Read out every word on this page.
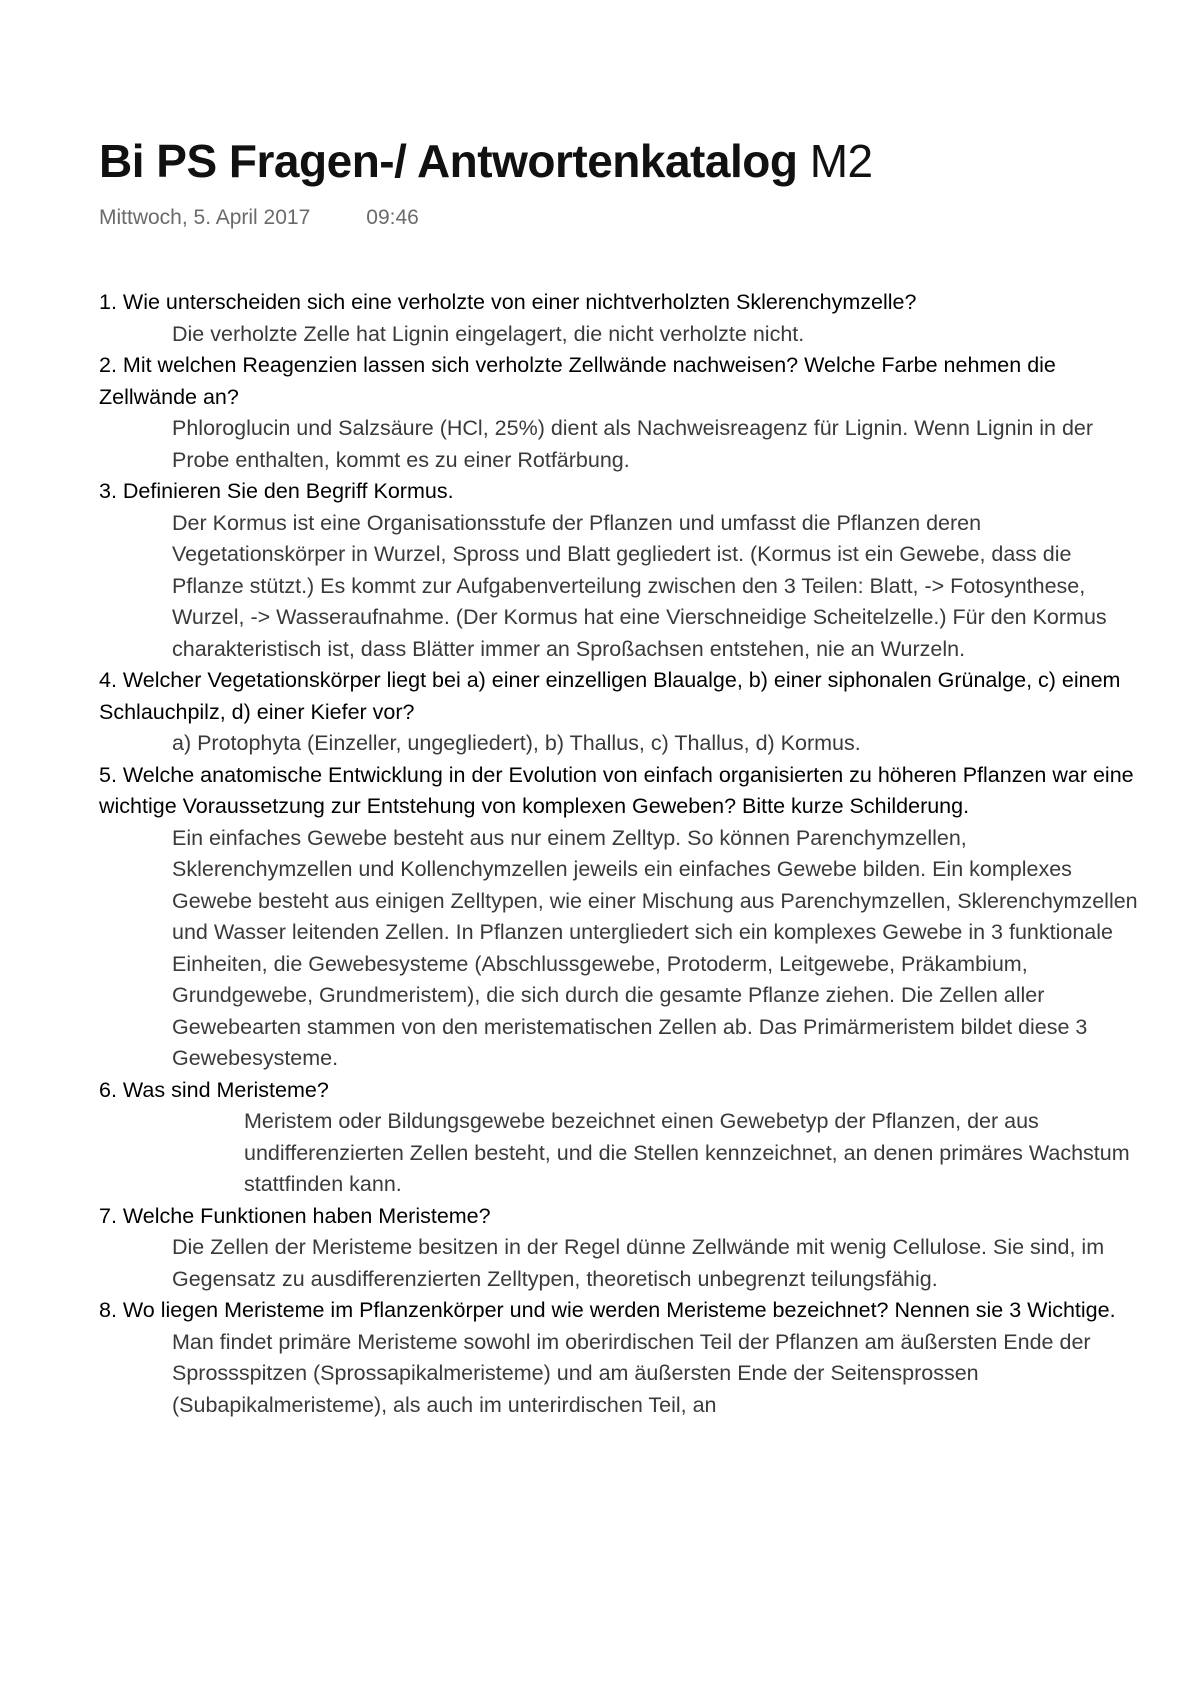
Bi PS Fragen-/ Antwortenkatalog M2
Mittwoch, 5. April 2017	09:46

1. Wie unterscheiden sich eine verholzte von einer nichtverholzten Sklerenchymzelle?

Die verholzte Zelle hat Lignin eingelagert, die nicht verholzte nicht.

2. Mit welchen Reagenzien lassen sich verholzte Zellwände nachweisen? Welche Farbe nehmen die Zellwände an?

Phloroglucin und Salzsäure (HCl, 25%) dient als Nachweisreagenz für Lignin. Wenn Lignin in der Probe enthalten, kommt es zu einer Rotfärbung.

3. Definieren Sie den Begriff Kormus.

Der Kormus ist eine Organisationsstufe der Pflanzen und umfasst die Pflanzen deren Vegetationskörper in Wurzel, Spross und Blatt gegliedert ist. (Kormus ist ein Gewebe, dass die Pflanze stützt.) Es kommt zur Aufgabenverteilung zwischen den 3 Teilen: Blatt, -> Fotosynthese, Wurzel, -> Wasseraufnahme. (Der Kormus hat eine Vierschneidige Scheitelzelle.) Für den Kormus charakteristisch ist, dass Blätter immer an Sproßachsen entstehen, nie an Wurzeln.

4. Welcher Vegetationskörper liegt bei a) einer einzelligen Blaualge, b) einer siphonalen Grünalge, c) einem Schlauchpilz, d) einer Kiefer vor?

a) Protophyta (Einzeller, ungegliedert), b) Thallus, c) Thallus, d) Kormus.

5. Welche anatomische Entwicklung in der Evolution von einfach organisierten zu höheren Pflanzen war eine wichtige Voraussetzung zur Entstehung von komplexen Geweben? Bitte kurze Schilderung.

Ein einfaches Gewebe besteht aus nur einem Zelltyp. So können Parenchymzellen, Sklerenchymzellen und Kollenchymzellen jeweils ein einfaches Gewebe bilden. Ein komplexes Gewebe besteht aus einigen Zelltypen, wie einer Mischung aus Parenchymzellen, Sklerenchymzellen und Wasser leitenden Zellen. In Pflanzen untergliedert sich ein komplexes Gewebe in 3 funktionale Einheiten, die Gewebesysteme (Abschlussgewebe, Protoderm, Leitgewebe, Präkambium, Grundgewebe, Grundmeristem), die sich durch die gesamte Pflanze ziehen. Die Zellen aller Gewebearten stammen von den meristematischen Zellen ab. Das Primärmeristem bildet diese 3 Gewebesysteme.

6. Was sind Meristeme?

Meristem oder Bildungsgewebe bezeichnet einen Gewebetyp der Pflanzen, der aus undifferenzierten Zellen besteht, und die Stellen kennzeichnet, an denen primäres Wachstum stattfinden kann.

7. Welche Funktionen haben Meristeme?

Die Zellen der Meristeme besitzen in der Regel dünne Zellwände mit wenig Cellulose. Sie sind, im Gegensatz zu ausdifferenzierten Zelltypen, theoretisch unbegrenzt teilungsfähig.

8. Wo liegen Meristeme im Pflanzenkörper und wie werden Meristeme bezeichnet? Nennen sie 3 Wichtige.

Man findet primäre Meristeme sowohl im oberirdischen Teil der Pflanzen am äußersten Ende der Sprossspitzen (Sprossapikalmeristeme) und am äußersten Ende der Seitensprossen (Subapikalmeristeme), als auch im unterirdischen Teil, an
